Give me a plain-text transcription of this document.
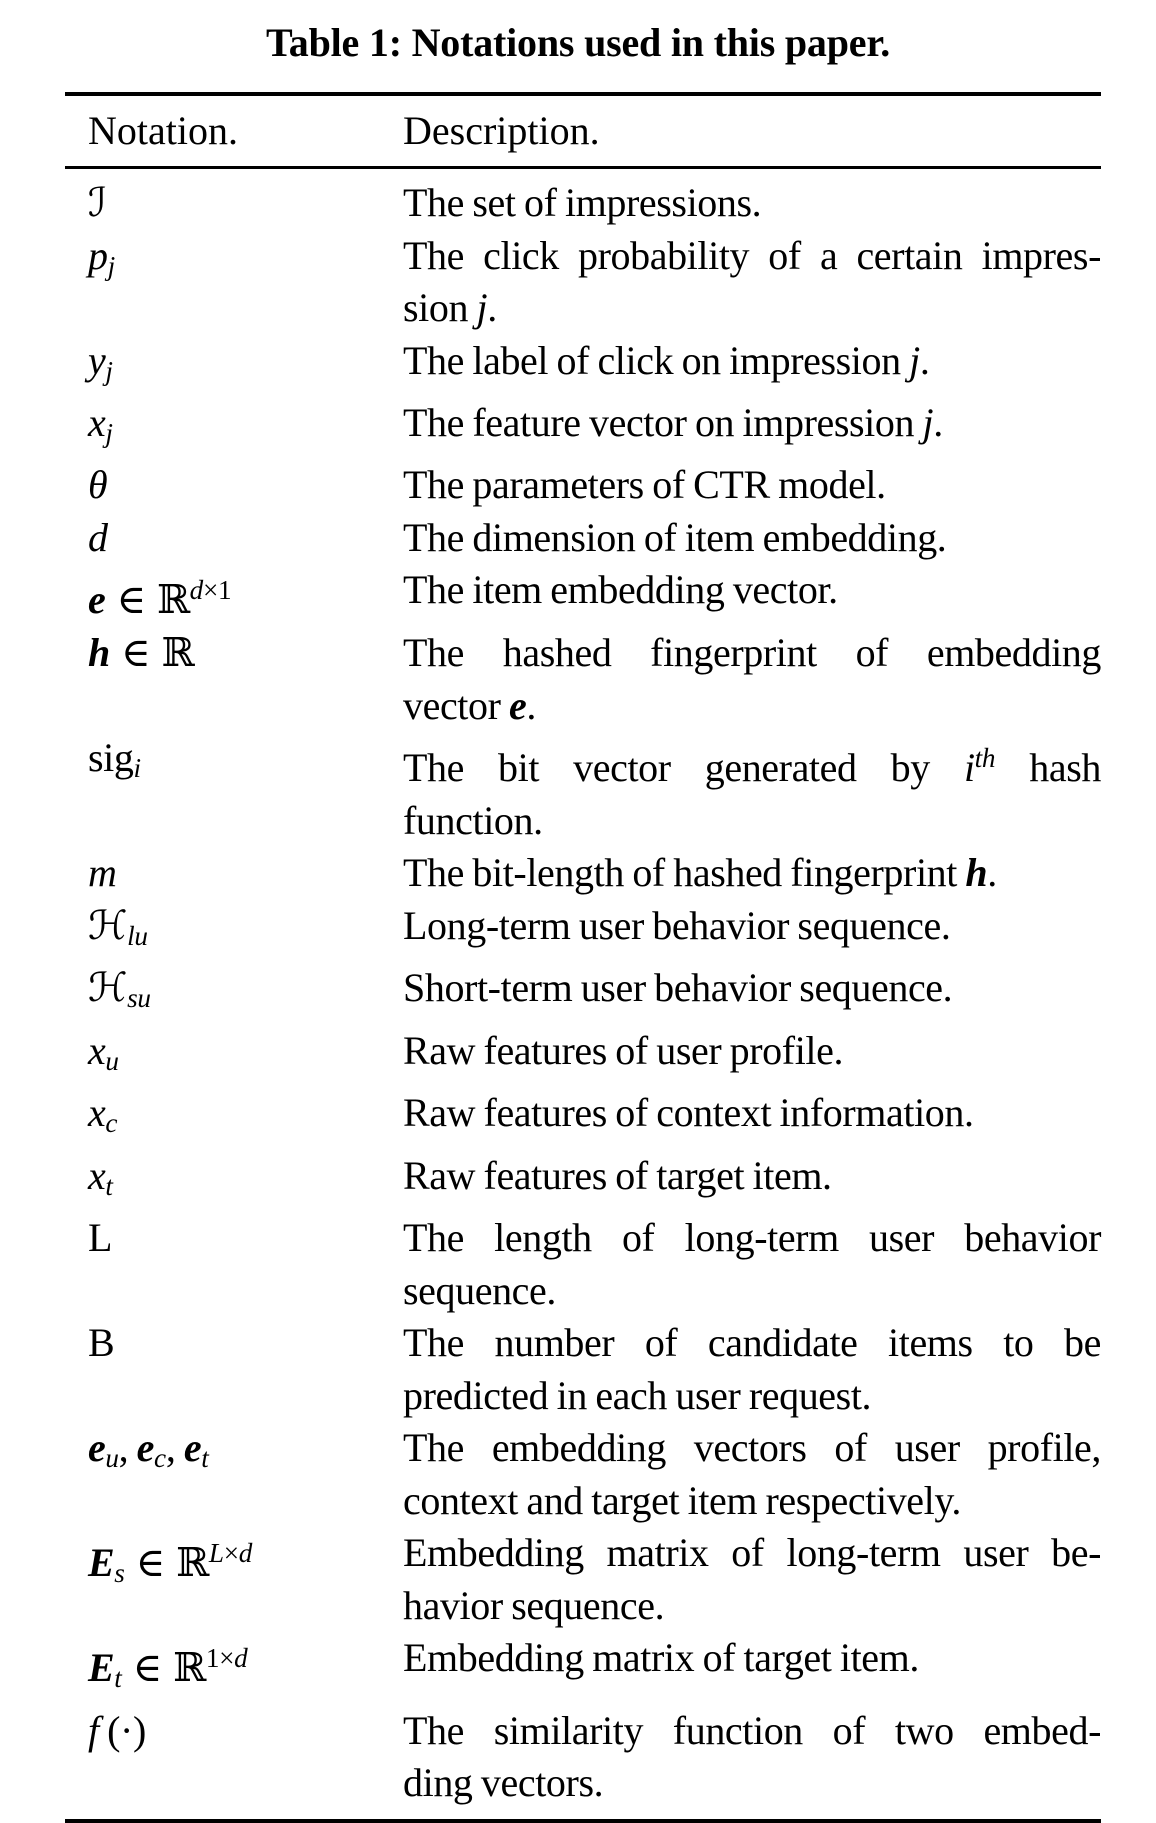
Table 1: Notations used in this paper.
Notation.	Description.
ℐ	The set of impressions.
$p_j$	The click probability of a certain impres-
sion j.
$y_j$	The label of click on impression j.
$x_j$	The feature vector on impression j.
θ	The parameters of CTR model.
d	The dimension of item embedding.
e ∈ ℝ$^{d\times 1}$	The item embedding vector.
h ∈ ℝ	The hashed fingerprint of embedding
vector e.
sig$_i$	The bit vector generated by $i^{th}$ hash
function.
m	The bit-length of hashed fingerprint h.
ℋ$_{lu}$	Long-term user behavior sequence.
ℋ$_{su}$	Short-term user behavior sequence.
$x_u$	Raw features of user profile.
$x_c$	Raw features of context information.
$x_t$	Raw features of target item.
L	The length of long-term user behavior
sequence.
B	The number of candidate items to be
predicted in each user request.
$e_u$, $e_c$, $e_t$	The embedding vectors of user profile,
context and target item respectively.
$E_s$ ∈ ℝ$^{L\times d}$	Embedding matrix of long-term user be-
havior sequence.
$E_t$ ∈ ℝ$^{1\times d}$	Embedding matrix of target item.
f (·)	The similarity function of two embed-
ding vectors.
